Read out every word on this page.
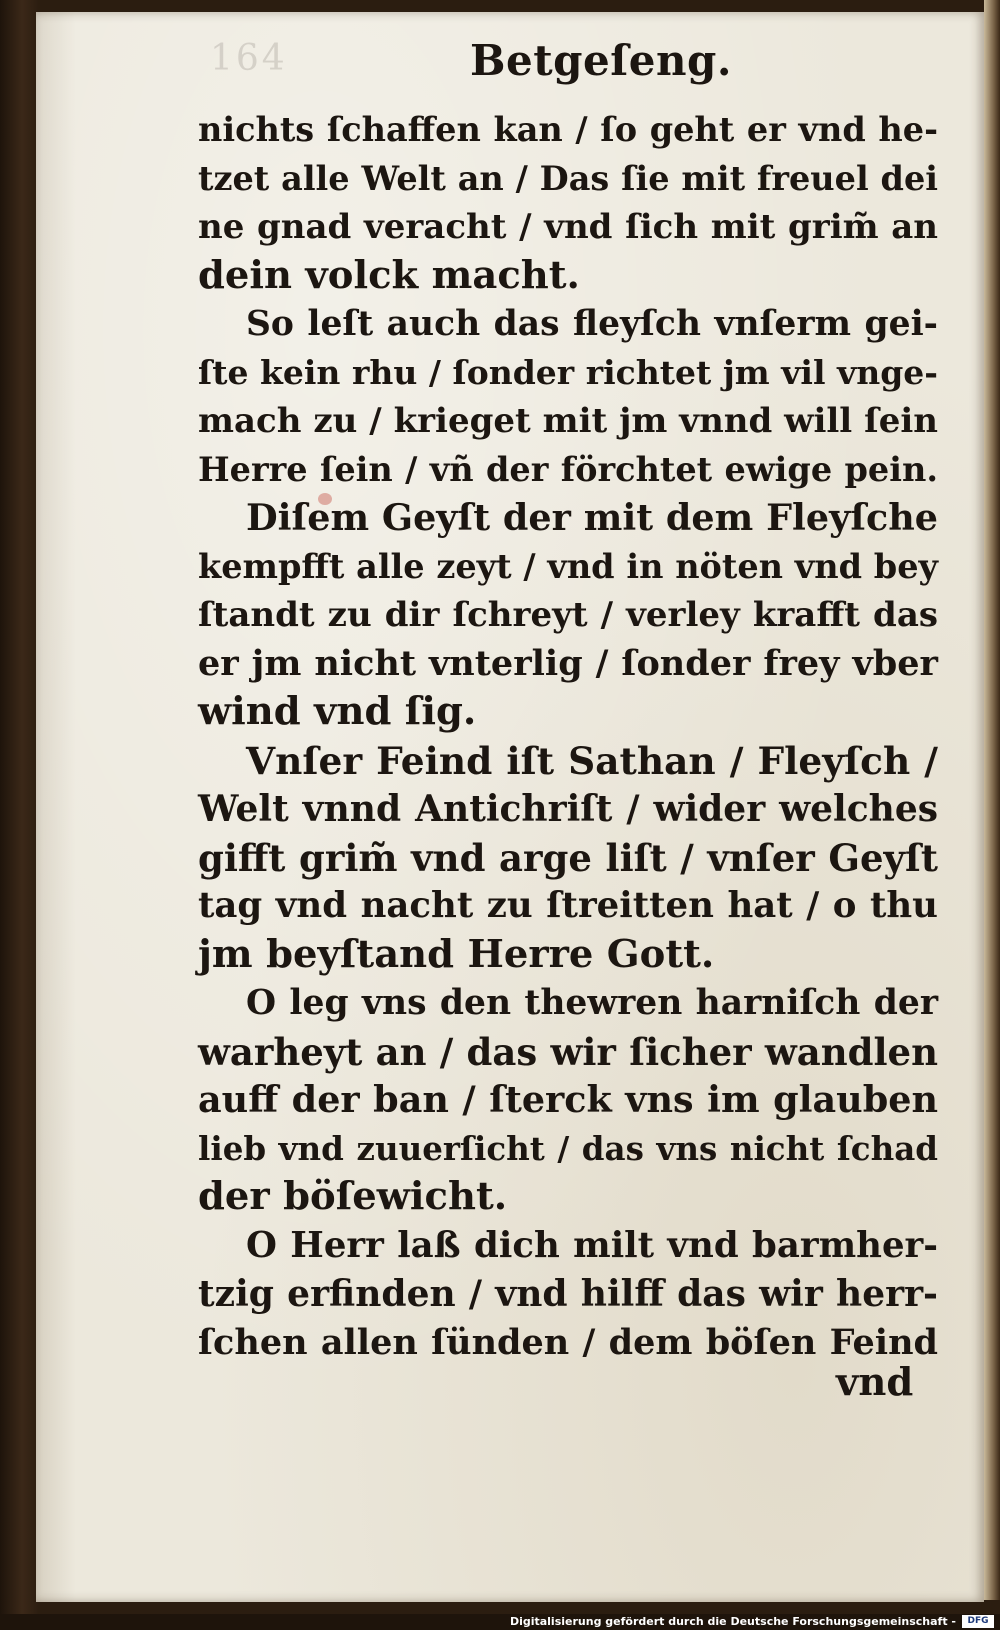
164	Betgeſeng.
nichts ſchaffen kan / ſo geht er vnd he-
tzet alle Welt an / Das ſie mit freuel dei
ne gnad veracht / vnd ſich mit grim̃ an
dein volck macht.
So leſt auch das fleyſch vnſerm gei-
ſte kein rhu / ſonder richtet jm vil vnge-
mach zu / krieget mit jm vnnd will ſein
Herre ſein / vñ der förchtet ewige pein.
Diſem Geyſt der mit dem Fleyſche
kempfft alle zeyt / vnd in nöten vnd bey
ſtandt zu dir ſchreyt / verley krafft das
er jm nicht vnterlig / ſonder frey vber
wind vnd ſig.
Vnſer Feind iſt Sathan / Fleyſch /
Welt vnnd Antichriſt / wider welches
gifft grim̃ vnd arge liſt / vnſer Geyſt
tag vnd nacht zu ſtreitten hat / o thu
jm beyſtand Herre Gott.
O leg vns den thewren harniſch der
warheyt an / das wir ſicher wandlen
auff der ban / ſterck vns im glauben
lieb vnd zuuerſicht / das vns nicht ſchad
der böſewicht.
O Herr laß dich milt vnd barmher-
tzig erfinden / vnd hilff das wir herr-
ſchen allen ſünden / dem böſen Feind
vnd
Digitalisierung gefördert durch die Deutsche Forschungsgemeinschaft -	DFG
